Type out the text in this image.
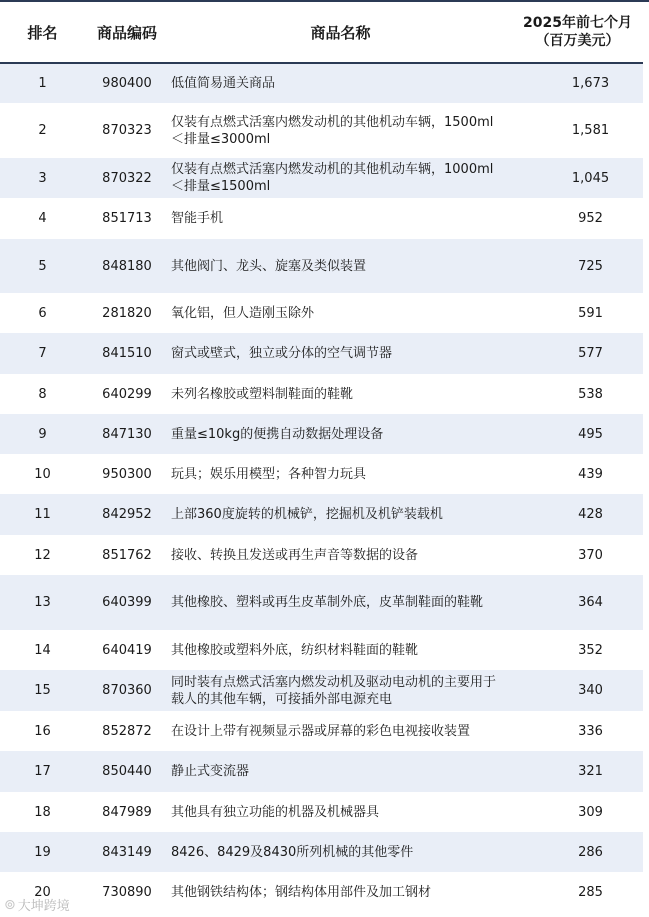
排名	商品编码	商品名称	2025年前七个月
（百万美元）

1	980400	低值简易通关商品	1,673
2	870323	仅装有点燃式活塞内燃发动机的其他机动车辆，1500ml＜排量≤3000ml	1,581
3	870322	仅装有点燃式活塞内燃发动机的其他机动车辆，1000ml＜排量≤1500ml	1,045
4	851713	智能手机	952
5	848180	其他阀门、龙头、旋塞及类似装置	725
6	281820	氧化铝，但人造刚玉除外	591
7	841510	窗式或壁式，独立或分体的空气调节器	577
8	640299	未列名橡胶或塑料制鞋面的鞋靴	538
9	847130	重量≤10kg的便携自动数据处理设备	495
10	950300	玩具；娱乐用模型；各种智力玩具	439
11	842952	上部360度旋转的机械铲，挖掘机及机铲装载机	428
12	851762	接收、转换且发送或再生声音等数据的设备	370
13	640399	其他橡胶、塑料或再生皮革制外底，皮革制鞋面的鞋靴	364
14	640419	其他橡胶或塑料外底，纺织材料鞋面的鞋靴	352
15	870360	同时装有点燃式活塞内燃发动机及驱动电动机的主要用于载人的其他车辆，可接插外部电源充电	340
16	852872	在设计上带有视频显示器或屏幕的彩色电视接收装置	336
17	850440	静止式变流器	321
18	847989	其他具有独立功能的机器及机械器具	309
19	843149	8426、8429及8430所列机械的其他零件	286
20	730890	其他钢铁结构体；钢结构体用部件及加工钢材	285
⊚ 大坤跨境
